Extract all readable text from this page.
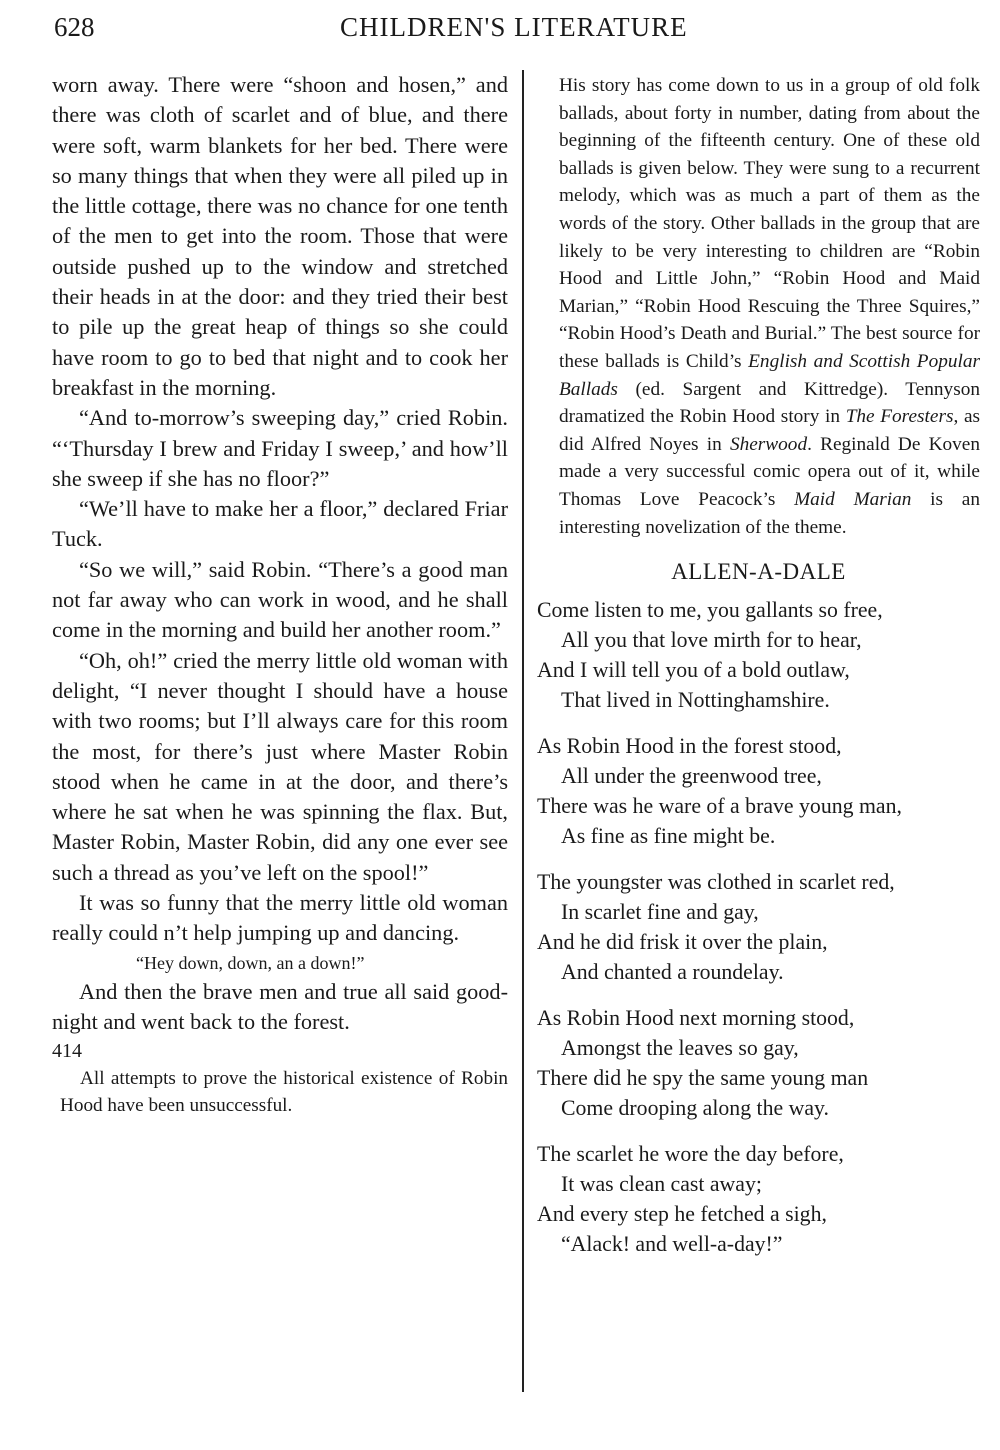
628	CHILDREN'S LITERATURE

worn away. There were “shoon and hosen,” and there was cloth of scarlet and of blue, and there were soft, warm blankets for her bed. There were so many things that when they were all piled up in the little cottage, there was no chance for one tenth of the men to get into the room. Those that were outside pushed up to the window and stretched their heads in at the door: and they tried their best to pile up the great heap of things so she could have room to go to bed that night and to cook her breakfast in the morning.

“And to-morrow’s sweeping day,” cried Robin. “‘Thursday I brew and Friday I sweep,’ and how’ll she sweep if she has no floor?”

“We’ll have to make her a floor,” declared Friar Tuck.

“So we will,” said Robin. “There’s a good man not far away who can work in wood, and he shall come in the morning and build her another room.”

“Oh, oh!” cried the merry little old woman with delight, “I never thought I should have a house with two rooms; but I’ll always care for this room the most, for there’s just where Master Robin stood when he came in at the door, and there’s where he sat when he was spinning the flax. But, Master Robin, Master Robin, did any one ever see such a thread as you’ve left on the spool!”

It was so funny that the merry little old woman really could n’t help jumping up and dancing.

“Hey down, down, an a down!”

And then the brave men and true all said good-night and went back to the forest.

414

All attempts to prove the historical existence of Robin Hood have been unsuccessful.

His story has come down to us in a group of old folk ballads, about forty in number, dating from about the beginning of the fifteenth century. One of these old ballads is given below. They were sung to a recurrent melody, which was as much a part of them as the words of the story. Other ballads in the group that are likely to be very interesting to children are “Robin Hood and Little John,” “Robin Hood and Maid Marian,” “Robin Hood Rescuing the Three Squires,” “Robin Hood’s Death and Burial.” The best source for these ballads is Child’s English and Scottish Popular Ballads (ed. Sargent and Kittredge). Tennyson dramatized the Robin Hood story in The Foresters, as did Alfred Noyes in Sherwood. Reginald De Koven made a very successful comic opera out of it, while Thomas Love Peacock’s Maid Marian is an interesting novelization of the theme.

ALLEN-A-DALE
Come listen to me, you gallants so free,
All you that love mirth for to hear,
And I will tell you of a bold outlaw,
That lived in Nottinghamshire.
As Robin Hood in the forest stood,
All under the greenwood tree,
There was he ware of a brave young man,
As fine as fine might be.
The youngster was clothed in scarlet red,
In scarlet fine and gay,
And he did frisk it over the plain,
And chanted a roundelay.
As Robin Hood next morning stood,
Amongst the leaves so gay,
There did he spy the same young man
Come drooping along the way.
The scarlet he wore the day before,
It was clean cast away;
And every step he fetched a sigh,
“Alack! and well-a-day!”
